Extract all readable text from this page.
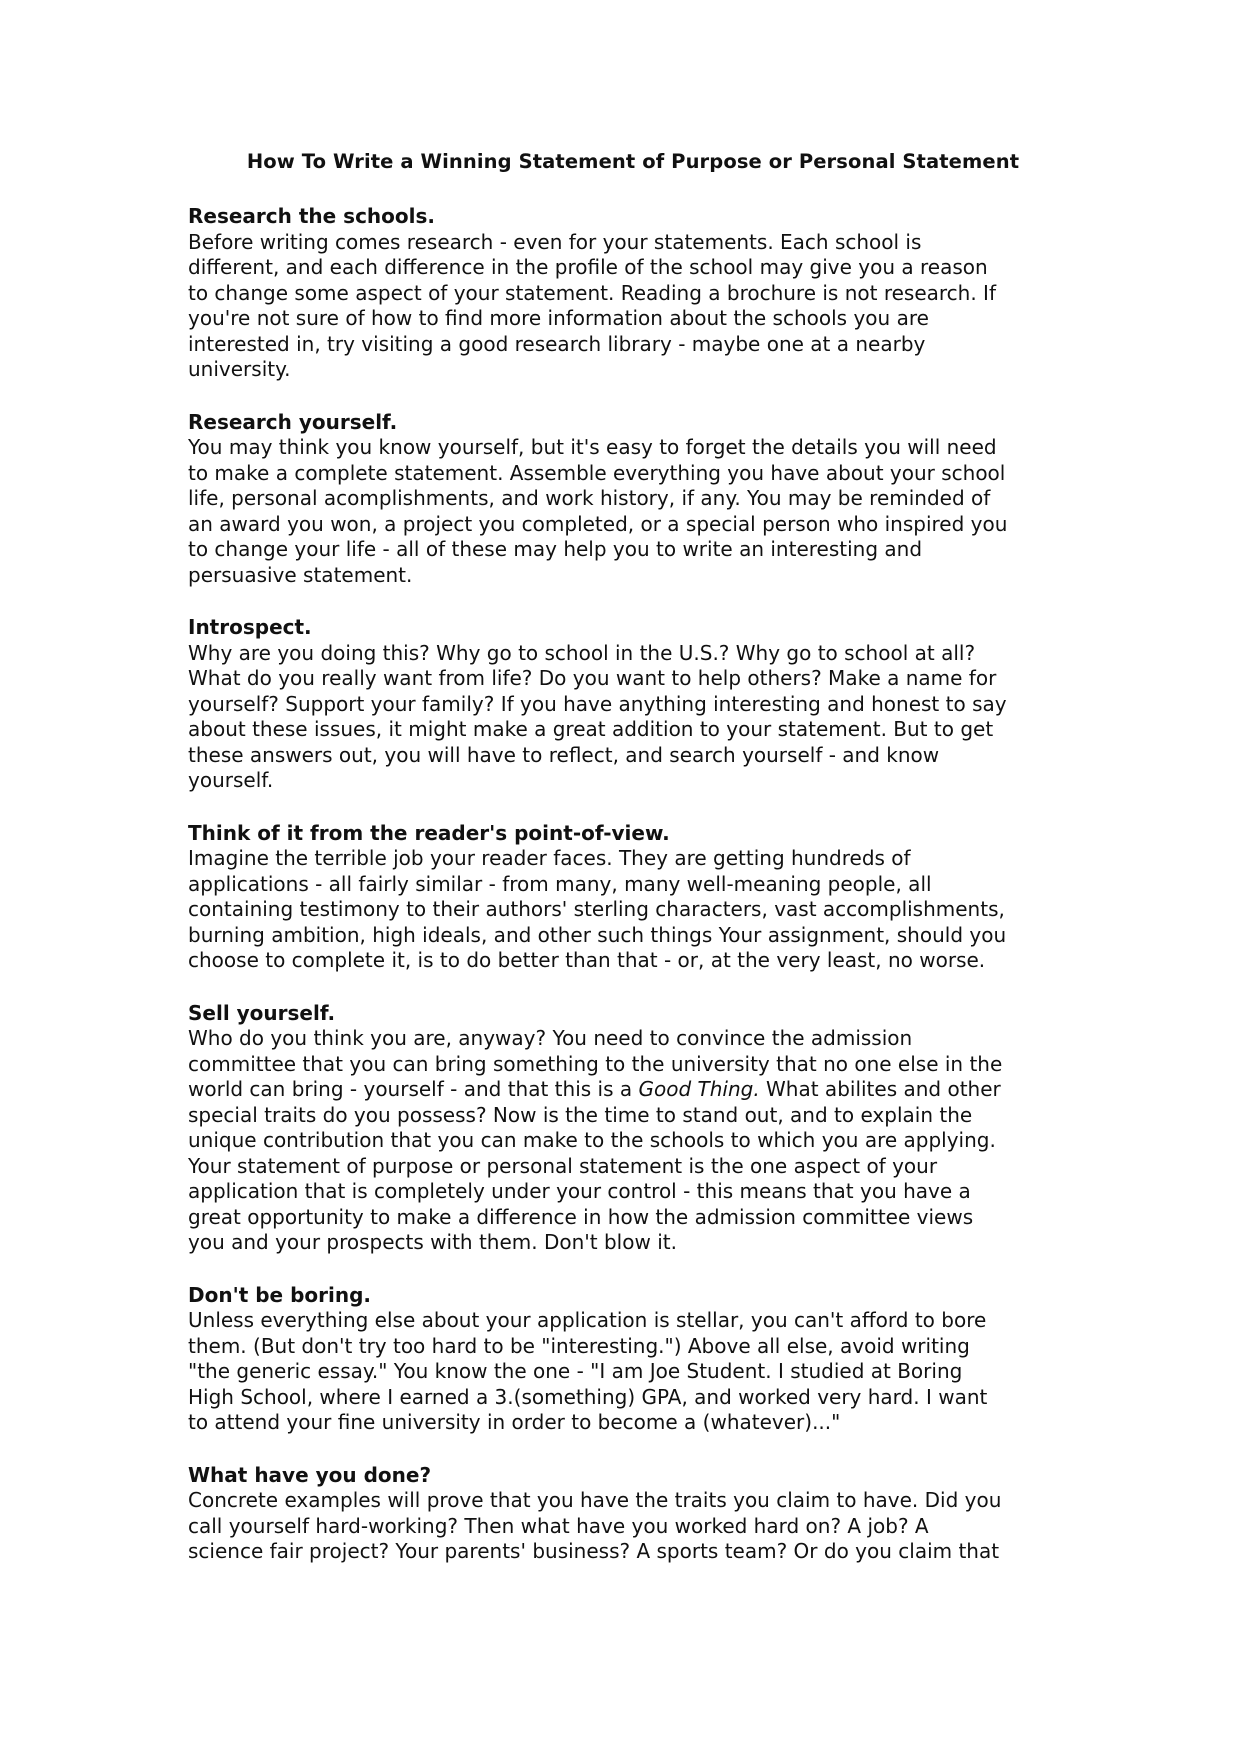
How To Write a Winning Statement of Purpose or Personal Statement

Research the schools.

Before writing comes research - even for your statements. Each school is
different, and each difference in the profile of the school may give you a reason
to change some aspect of your statement. Reading a brochure is not research. If
you're not sure of how to find more information about the schools you are
interested in, try visiting a good research library - maybe one at a nearby
university.

Research yourself.

You may think you know yourself, but it's easy to forget the details you will need
to make a complete statement. Assemble everything you have about your school
life, personal acomplishments, and work history, if any. You may be reminded of
an award you won, a project you completed, or a special person who inspired you
to change your life - all of these may help you to write an interesting and
persuasive statement.

Introspect.

Why are you doing this? Why go to school in the U.S.? Why go to school at all?
What do you really want from life? Do you want to help others? Make a name for
yourself? Support your family? If you have anything interesting and honest to say
about these issues, it might make a great addition to your statement. But to get
these answers out, you will have to reflect, and search yourself - and know
yourself.

Think of it from the reader's point-of-view.

Imagine the terrible job your reader faces. They are getting hundreds of
applications - all fairly similar - from many, many well-meaning people, all
containing testimony to their authors' sterling characters, vast accomplishments,
burning ambition, high ideals, and other such things Your assignment, should you
choose to complete it, is to do better than that - or, at the very least, no worse.

Sell yourself.

Who do you think you are, anyway? You need to convince the admission
committee that you can bring something to the university that no one else in the
world can bring - yourself - and that this is a Good Thing. What abilites and other
special traits do you possess? Now is the time to stand out, and to explain the
unique contribution that you can make to the schools to which you are applying.
Your statement of purpose or personal statement is the one aspect of your
application that is completely under your control - this means that you have a
great opportunity to make a difference in how the admission committee views
you and your prospects with them. Don't blow it.

Don't be boring.

Unless everything else about your application is stellar, you can't afford to bore
them. (But don't try too hard to be "interesting.") Above all else, avoid writing
"the generic essay." You know the one - "I am Joe Student. I studied at Boring
High School, where I earned a 3.(something) GPA, and worked very hard. I want
to attend your fine university in order to become a (whatever)..."

What have you done?

Concrete examples will prove that you have the traits you claim to have. Did you
call yourself hard-working? Then what have you worked hard on? A job? A
science fair project? Your parents' business? A sports team? Or do you claim that
